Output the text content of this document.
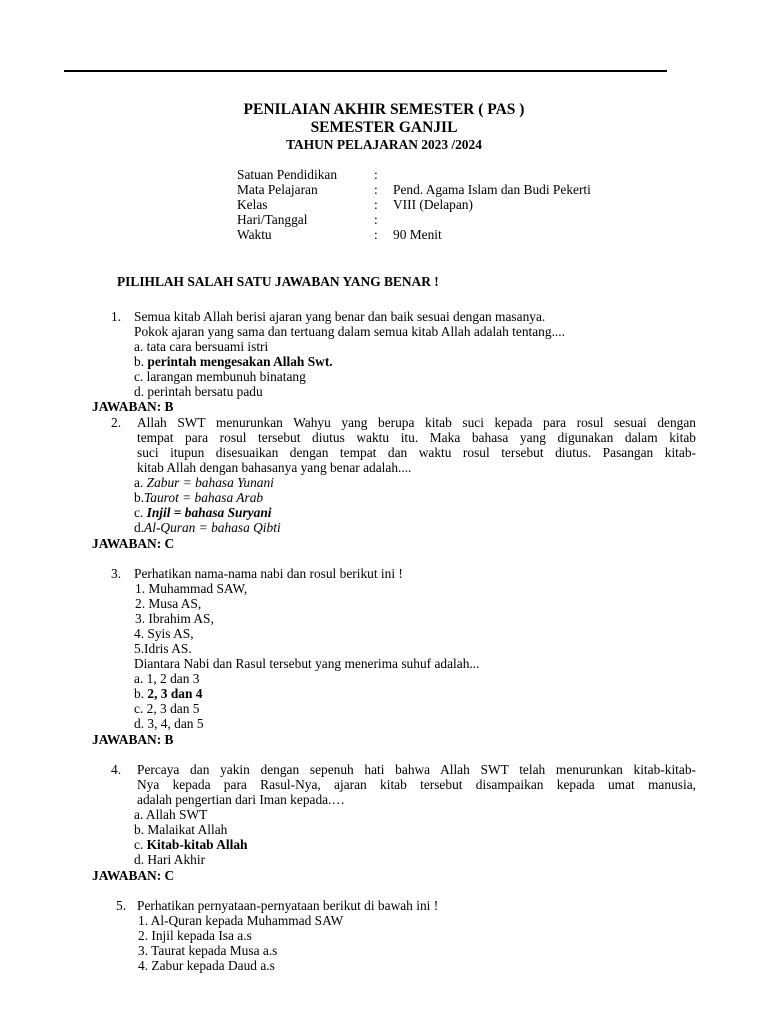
PENILAIAN AKHIR SEMESTER ( PAS )
SEMESTER GANJIL
TAHUN PELAJARAN 2023 /2024
Satuan Pendidikan	:
Mata Pelajaran	: Pend. Agama Islam dan Budi Pekerti
Kelas	: VIII (Delapan)
Hari/Tanggal	:
Waktu	: 90 Menit
PILIHLAH SALAH SATU JAWABAN YANG BENAR !
1. Semua kitab Allah berisi ajaran yang benar dan baik sesuai dengan masanya.
Pokok ajaran yang sama dan tertuang dalam semua kitab Allah adalah tentang....
a. tata cara bersuami istri
b. perintah mengesakan Allah Swt.
c. larangan membunuh binatang
d. perintah bersatu padu
JAWABAN: B
2. Allah SWT menurunkan Wahyu yang berupa kitab suci kepada para rosul sesuai dengan
tempat para rosul tersebut diutus waktu itu. Maka bahasa yang digunakan dalam kitab
suci itupun disesuaikan dengan tempat dan waktu rosul tersebut diutus. Pasangan kitab-
kitab Allah dengan bahasanya yang benar adalah....
a. Zabur = bahasa Yunani
b.Taurot = bahasa Arab
c. Injil = bahasa Suryani
d.Al-Quran = bahasa Qibti
JAWABAN: C
3. Perhatikan nama-nama nabi dan rosul berikut ini !
1. Muhammad SAW,
2. Musa AS,
3. Ibrahim AS,
4. Syis AS,
5.Idris AS.
Diantara Nabi dan Rasul tersebut yang menerima suhuf adalah...
a. 1, 2 dan 3
b. 2, 3 dan 4
c. 2, 3 dan 5
d. 3, 4, dan 5
JAWABAN: B
4. Percaya dan yakin dengan sepenuh hati bahwa Allah SWT telah menurunkan kitab-kitab-
Nya kepada para Rasul-Nya, ajaran kitab tersebut disampaikan kepada umat manusia,
adalah pengertian dari Iman kepada.…
a. Allah SWT
b. Malaikat Allah
c. Kitab-kitab Allah
d. Hari Akhir
JAWABAN: C
5. Perhatikan pernyataan-pernyataan berikut di bawah ini !
1. Al-Quran kepada Muhammad SAW
2. Injil kepada Isa a.s
3. Taurat kepada Musa a.s
4. Zabur kepada Daud a.s
